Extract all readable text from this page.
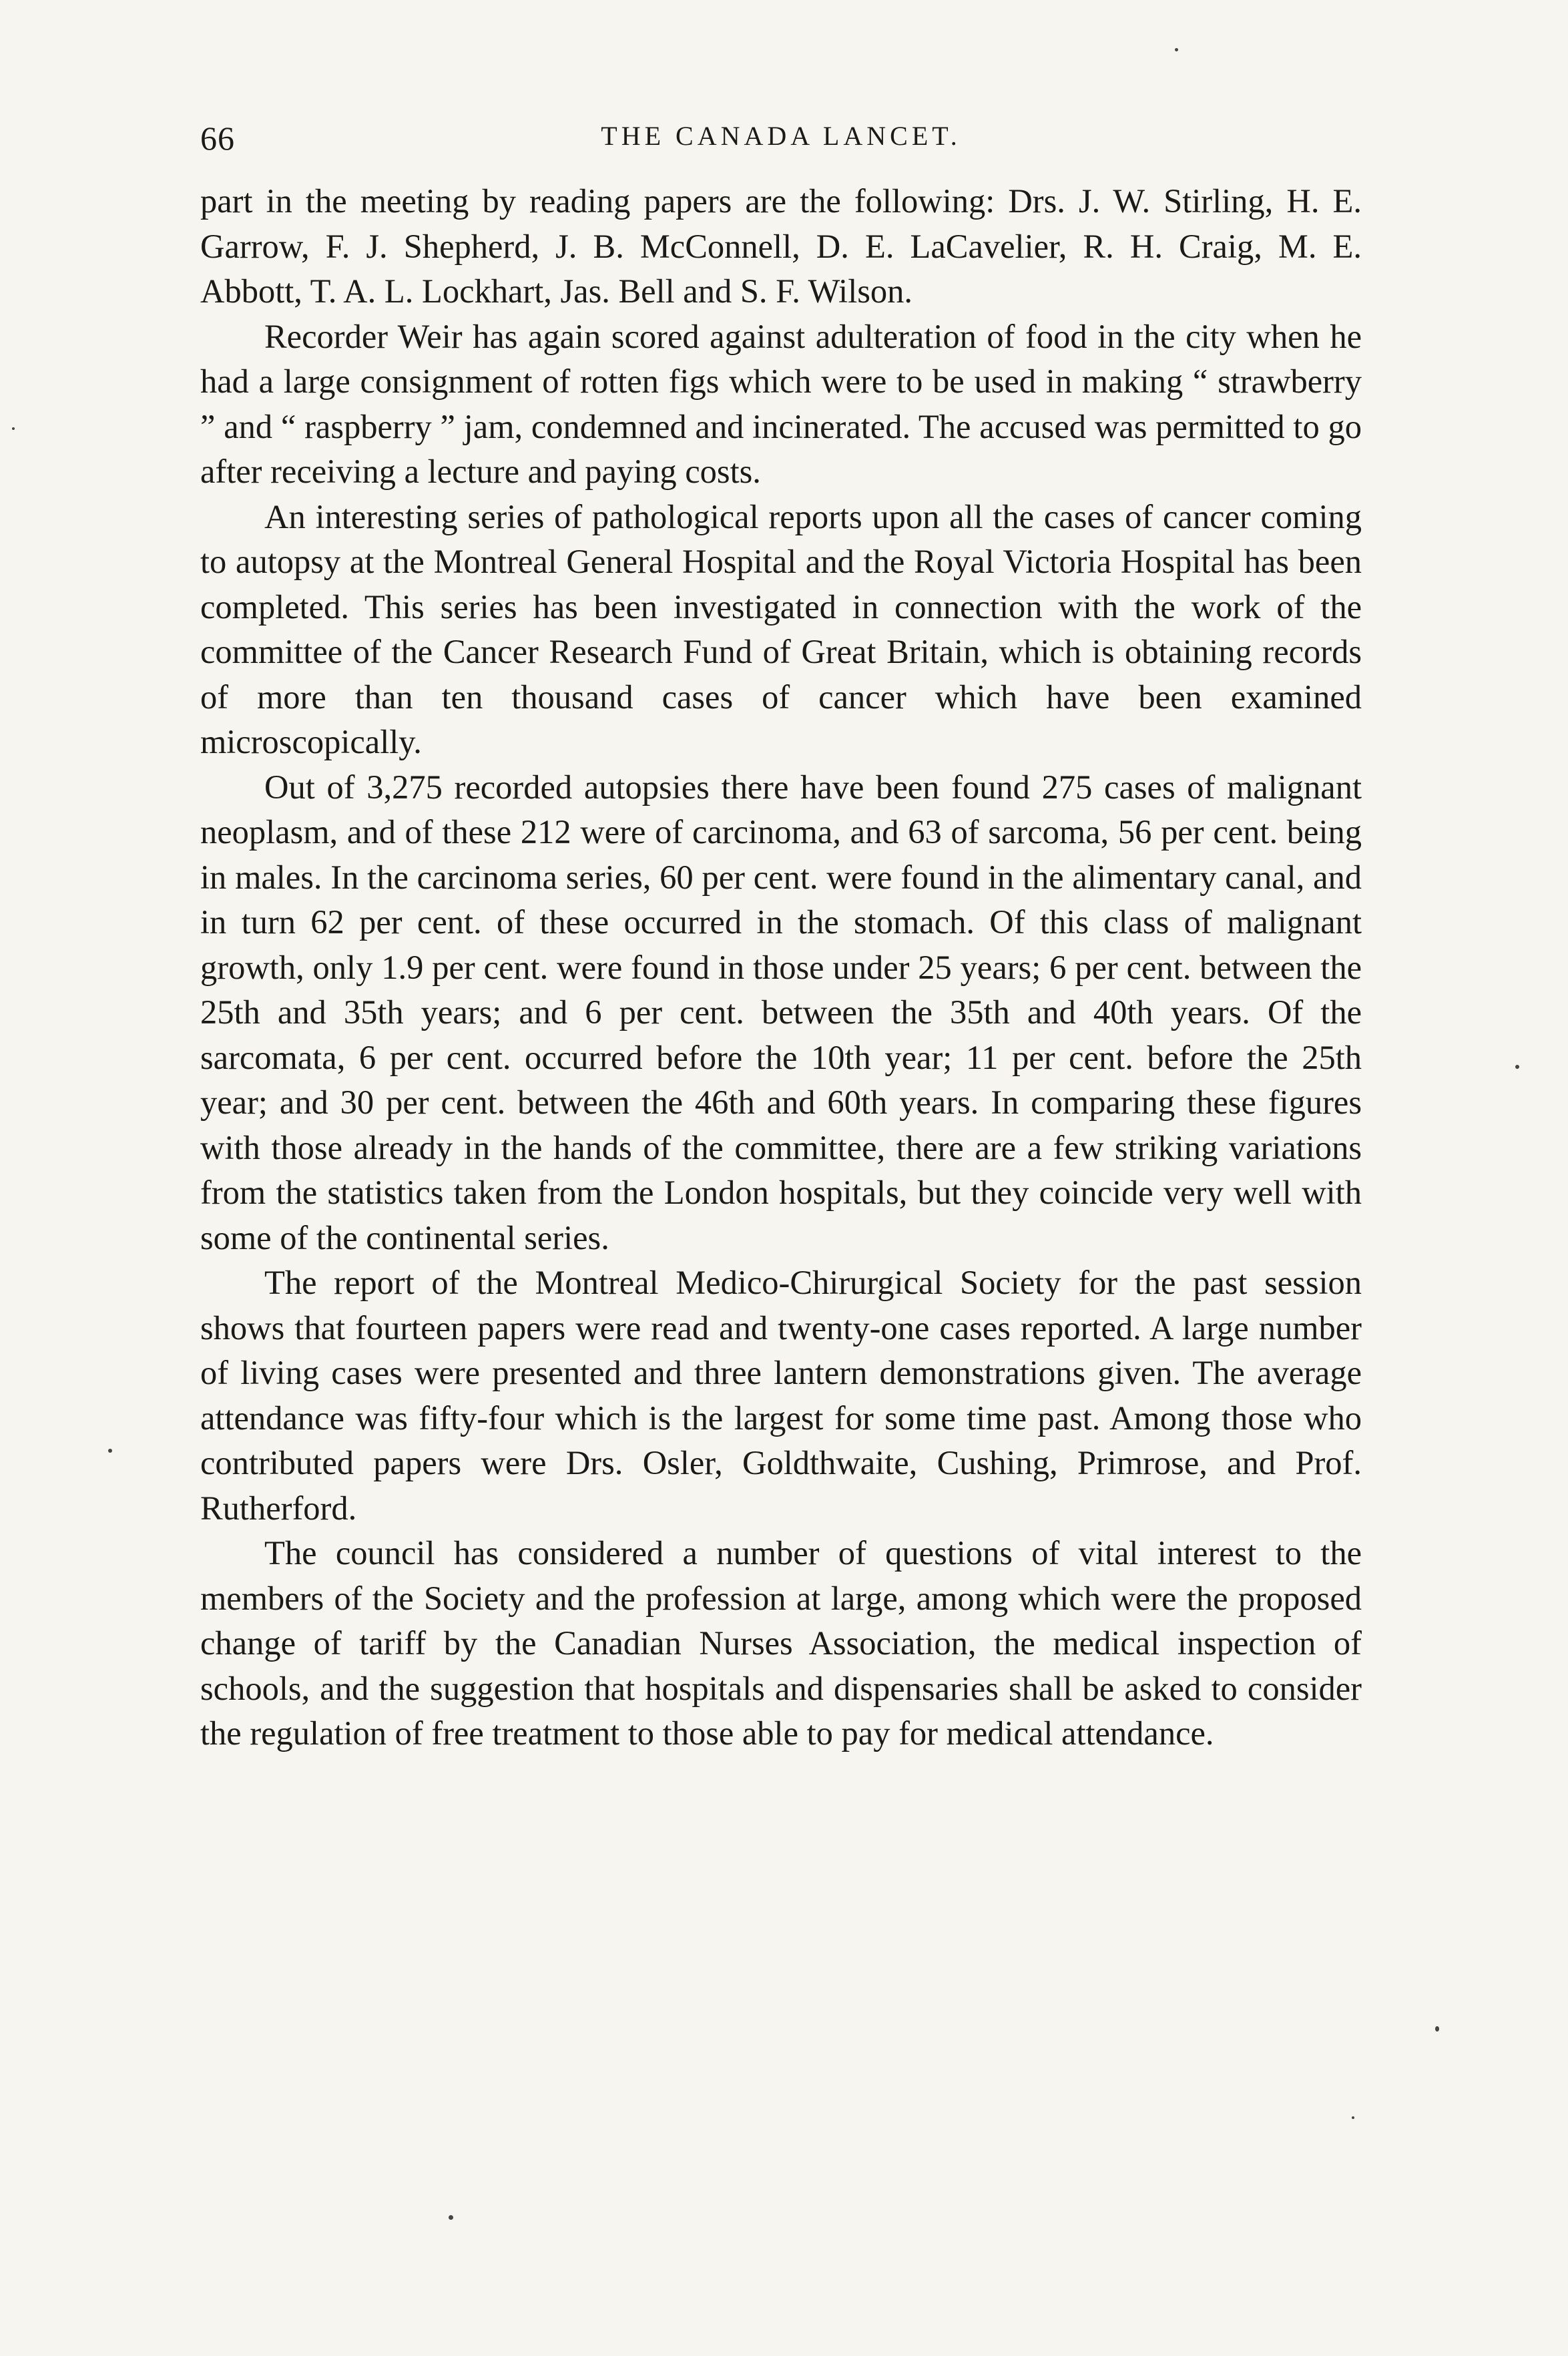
66	THE CANADA LANCET.

part in the meeting by reading papers are the following: Drs. J. W. Stirling, H. E. Garrow, F. J. Shepherd, J. B. McConnell, D. E. LaCavelier, R. H. Craig, M. E. Abbott, T. A. L. Lockhart, Jas. Bell and S. F. Wilson.

Recorder Weir has again scored against adulteration of food in the city when he had a large consignment of rotten figs which were to be used in making “ strawberry ” and “ raspberry ” jam, condemned and incinerated. The accused was permitted to go after receiving a lecture and paying costs.

An interesting series of pathological reports upon all the cases of cancer coming to autopsy at the Montreal General Hospital and the Royal Victoria Hospital has been completed. This series has been investigated in connection with the work of the committee of the Cancer Research Fund of Great Britain, which is obtaining records of more than ten thousand cases of cancer which have been examined microscopically.

Out of 3,275 recorded autopsies there have been found 275 cases of malignant neoplasm, and of these 212 were of carcinoma, and 63 of sarcoma, 56 per cent. being in males. In the carcinoma series, 60 per cent. were found in the alimentary canal, and in turn 62 per cent. of these occurred in the stomach. Of this class of malignant growth, only 1.9 per cent. were found in those under 25 years; 6 per cent. between the 25th and 35th years; and 6 per cent. between the 35th and 40th years. Of the sarcomata, 6 per cent. occurred before the 10th year; 11 per cent. before the 25th year; and 30 per cent. between the 46th and 60th years. In comparing these figures with those already in the hands of the committee, there are a few striking variations from the statistics taken from the London hospitals, but they coincide very well with some of the continental series.

The report of the Montreal Medico-Chirurgical Society for the past session shows that fourteen papers were read and twenty-one cases reported. A large number of living cases were presented and three lantern demonstrations given. The average attendance was fifty-four which is the largest for some time past. Among those who contributed papers were Drs. Osler, Goldthwaite, Cushing, Primrose, and Prof. Rutherford.

The council has considered a number of questions of vital interest to the members of the Society and the profession at large, among which were the proposed change of tariff by the Canadian Nurses Association, the medical inspection of schools, and the suggestion that hospitals and dispensaries shall be asked to consider the regulation of free treatment to those able to pay for medical attendance.
